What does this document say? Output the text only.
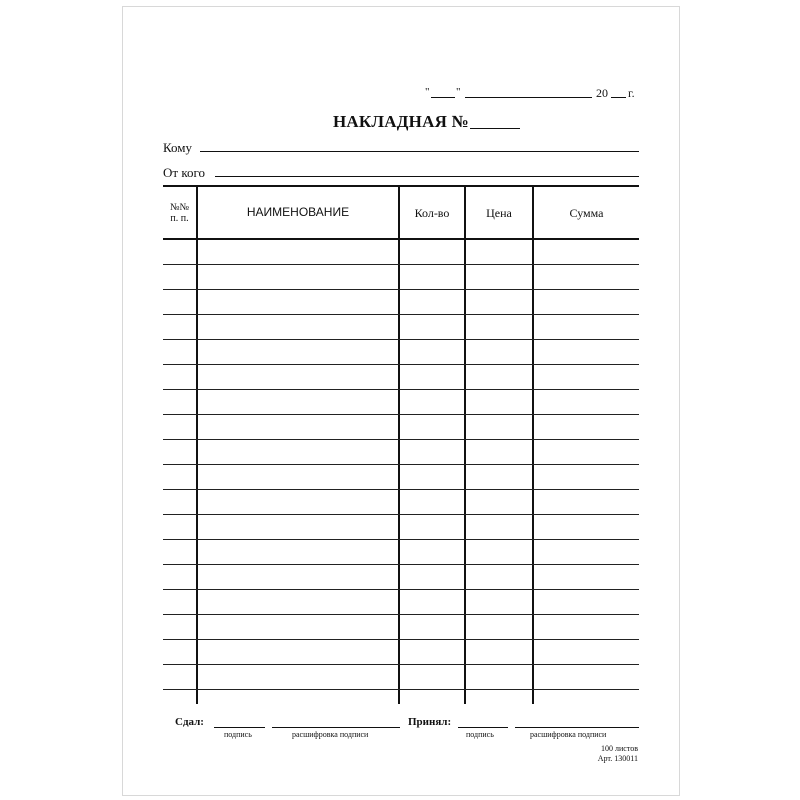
" "	20 г.
НАКЛАДНАЯ №
Кому
От кого
№№
п. п.	НАИМЕНОВАНИЕ	Кол-во	Цена	Сумма
Сдал:
подпись	расшифровка подписи
Принял:
подпись	расшифровка подписи
100 листов
Арт. 130011
